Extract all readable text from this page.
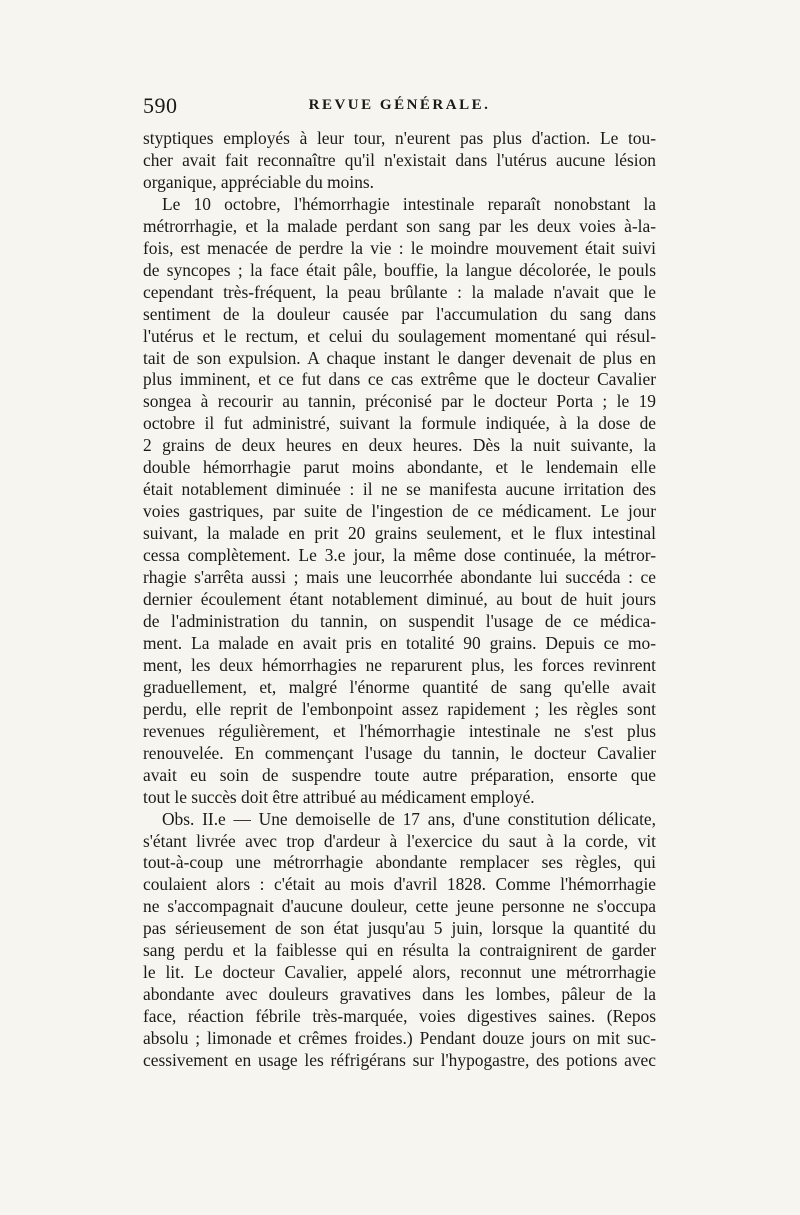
590	REVUE GÉNÉRALE.
styptiques employés à leur tour, n'eurent pas plus d'action. Le tou-
cher avait fait reconnaître qu'il n'existait dans l'utérus aucune lésion
organique, appréciable du moins.
Le 10 octobre, l'hémorrhagie intestinale reparaît nonobstant la
métrorrhagie, et la malade perdant son sang par les deux voies à-la-
fois, est menacée de perdre la vie : le moindre mouvement était suivi
de syncopes ; la face était pâle, bouffie, la langue décolorée, le pouls
cependant très-fréquent, la peau brûlante : la malade n'avait que le
sentiment de la douleur causée par l'accumulation du sang dans
l'utérus et le rectum, et celui du soulagement momentané qui résul-
tait de son expulsion. A chaque instant le danger devenait de plus en
plus imminent, et ce fut dans ce cas extrême que le docteur Cavalier
songea à recourir au tannin, préconisé par le docteur Porta ; le 19
octobre il fut administré, suivant la formule indiquée, à la dose de
2 grains de deux heures en deux heures. Dès la nuit suivante, la
double hémorrhagie parut moins abondante, et le lendemain elle
était notablement diminuée : il ne se manifesta aucune irritation des
voies gastriques, par suite de l'ingestion de ce médicament. Le jour
suivant, la malade en prit 20 grains seulement, et le flux intestinal
cessa complètement. Le 3.e jour, la même dose continuée, la métror-
rhagie s'arrêta aussi ; mais une leucorrhée abondante lui succéda : ce
dernier écoulement étant notablement diminué, au bout de huit jours
de l'administration du tannin, on suspendit l'usage de ce médica-
ment. La malade en avait pris en totalité 90 grains. Depuis ce mo-
ment, les deux hémorrhagies ne reparurent plus, les forces revinrent
graduellement, et, malgré l'énorme quantité de sang qu'elle avait
perdu, elle reprit de l'embonpoint assez rapidement ; les règles sont
revenues régulièrement, et l'hémorrhagie intestinale ne s'est plus
renouvelée. En commençant l'usage du tannin, le docteur Cavalier
avait eu soin de suspendre toute autre préparation, ensorte que
tout le succès doit être attribué au médicament employé.
Obs. II.e — Une demoiselle de 17 ans, d'une constitution délicate,
s'étant livrée avec trop d'ardeur à l'exercice du saut à la corde, vit
tout-à-coup une métrorrhagie abondante remplacer ses règles, qui
coulaient alors : c'était au mois d'avril 1828. Comme l'hémorrhagie
ne s'accompagnait d'aucune douleur, cette jeune personne ne s'occupa
pas sérieusement de son état jusqu'au 5 juin, lorsque la quantité du
sang perdu et la faiblesse qui en résulta la contraignirent de garder
le lit. Le docteur Cavalier, appelé alors, reconnut une métrorrhagie
abondante avec douleurs gravatives dans les lombes, pâleur de la
face, réaction fébrile très-marquée, voies digestives saines. (Repos
absolu ; limonade et crêmes froides.) Pendant douze jours on mit suc-
cessivement en usage les réfrigérans sur l'hypogastre, des potions avec
